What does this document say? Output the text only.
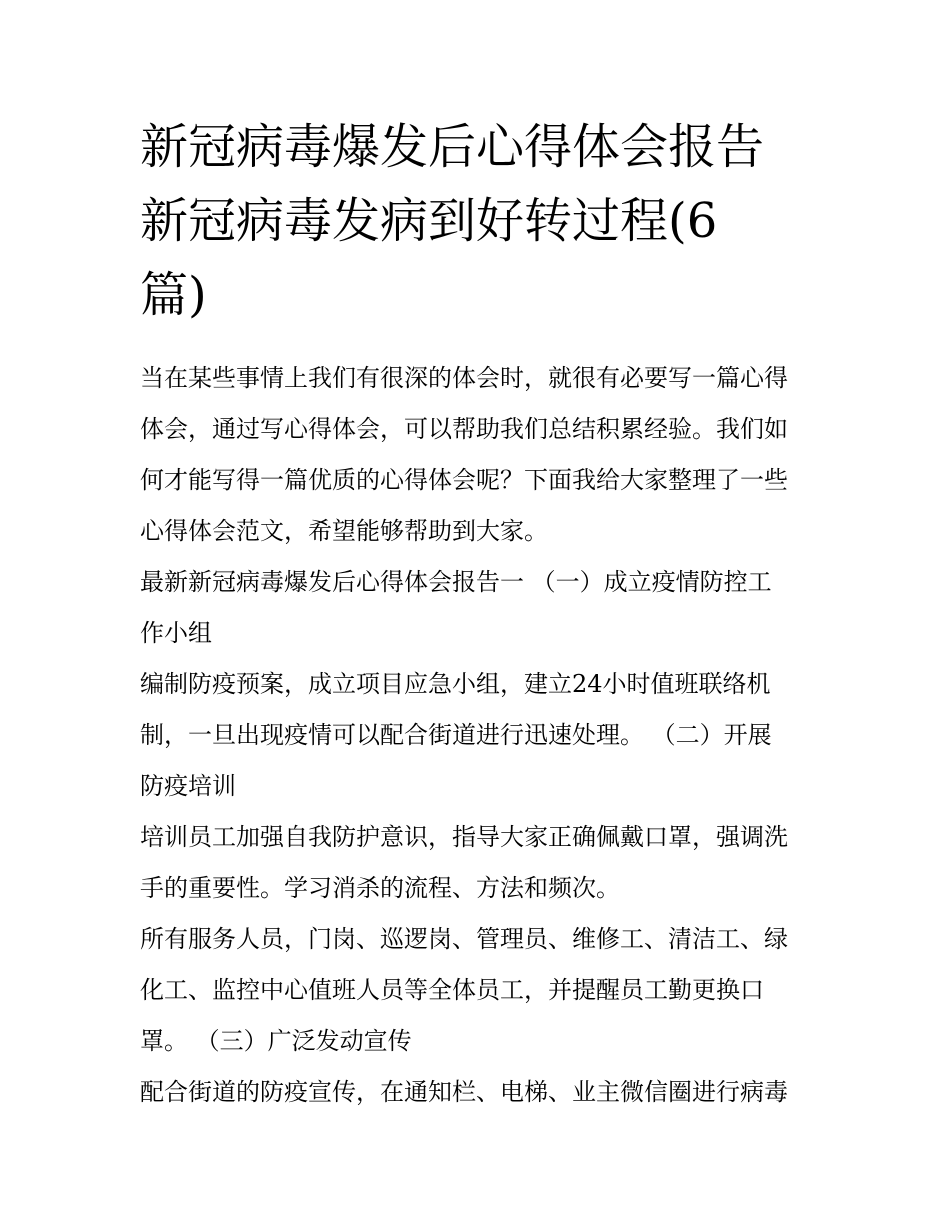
新冠病毒爆发后心得体会报告
新冠病毒发病到好转过程(6
篇)
当在某些事情上我们有很深的体会时，就很有必要写一篇心得
体会，通过写心得体会，可以帮助我们总结积累经验。我们如
何才能写得一篇优质的心得体会呢？下面我给大家整理了一些
心得体会范文，希望能够帮助到大家。
最新新冠病毒爆发后心得体会报告一 （一）成立疫情防控工
作小组
编制防疫预案，成立项目应急小组，建立24小时值班联络机
制，一旦出现疫情可以配合街道进行迅速处理。 （二）开展
防疫培训
培训员工加强自我防护意识，指导大家正确佩戴口罩，强调洗
手的重要性。学习消杀的流程、方法和频次。
所有服务人员，门岗、巡逻岗、管理员、维修工、清洁工、绿
化工、监控中心值班人员等全体员工，并提醒员工勤更换口
罩。 （三）广泛发动宣传
配合街道的防疫宣传，在通知栏、电梯、业主微信圈进行病毒
